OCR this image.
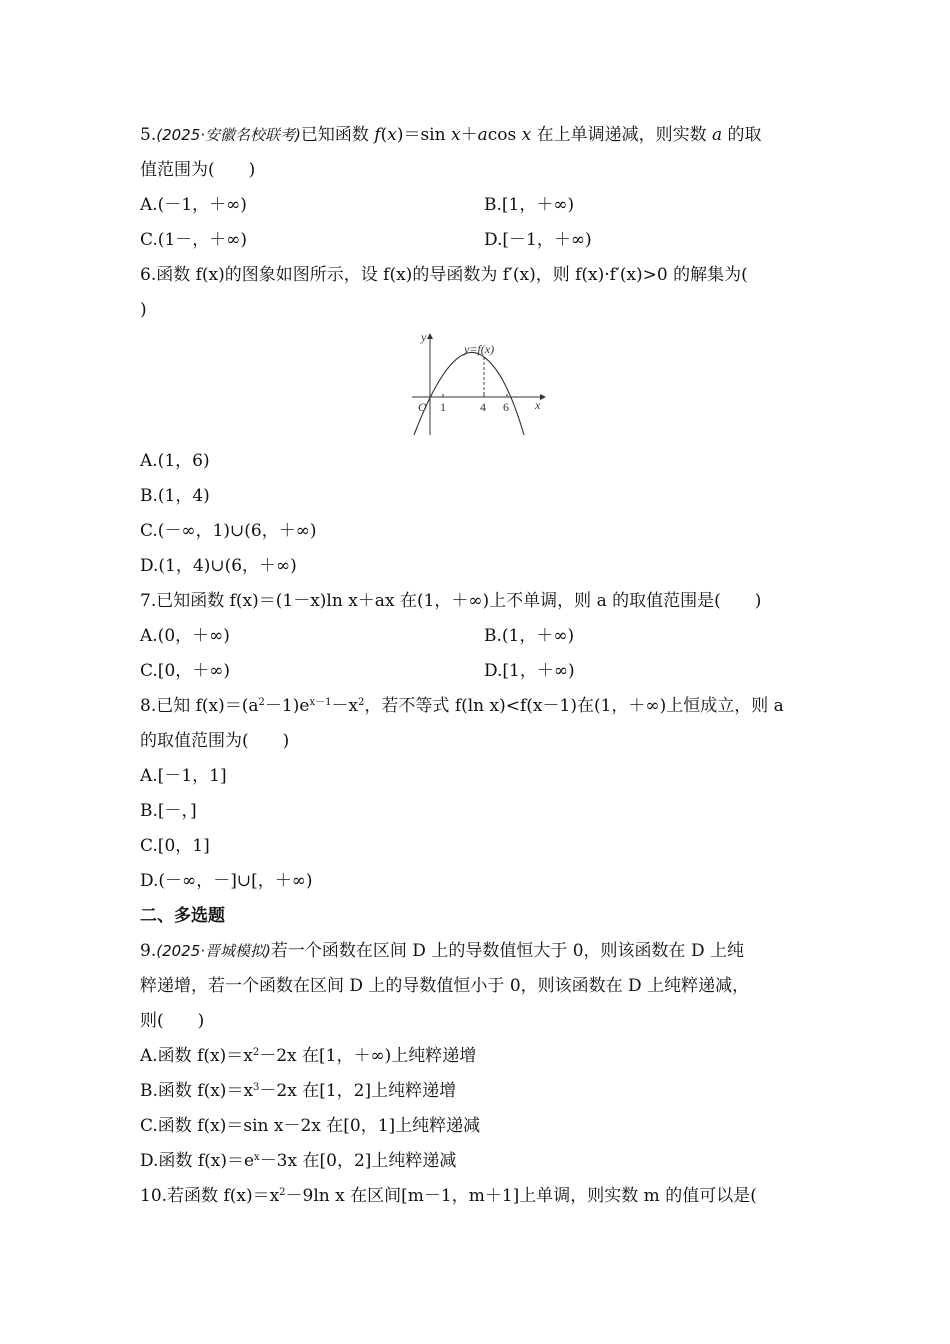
5.(2025·安徽名校联考)已知函数 f(x)＝sin x＋acos x 在上单调递减，则实数 a 的取
值范围为(　　)
A.(－1，＋∞)	B.[1，＋∞)
C.(1－，＋∞)	D.[－1，＋∞)
6.函数 f(x)的图象如图所示，设 f(x)的导函数为 f′(x)，则 f(x)·f′(x)>0 的解集为(
)
y
x
O 1	4 6
y=f(x)
A.(1，6)
B.(1，4)
C.(－∞，1)∪(6，＋∞)
D.(1，4)∪(6，＋∞)
7.已知函数 f(x)＝(1－x)ln x＋ax 在(1，＋∞)上不单调，则 a 的取值范围是(　　)
A.(0，＋∞)	B.(1，＋∞)
C.[0，＋∞)	D.[1，＋∞)
8.已知 $f(x)=(a^2-1)e^{x-1}-x^2$，若不等式 f(ln x)<f(x－1)在(1，＋∞)上恒成立，则 a
的取值范围为(　　)
A.[－1，1]
B.[－，]
C.[0，1]
D.(－∞，－]∪[，＋∞)
二、多选题
9.(2025·晋城模拟)若一个函数在区间 D 上的导数值恒大于 0，则该函数在 D 上纯
粹递增，若一个函数在区间 D 上的导数值恒小于 0，则该函数在 D 上纯粹递减，
则(　　)
A.函数 $f(x)=x^2-2x$ 在[1，＋∞)上纯粹递增
B.函数 $f(x)=x^3-2x$ 在[1，2]上纯粹递增
C.函数 f(x)＝sin x－2x 在[0，1]上纯粹递减
D.函数 $f(x)=e^x-3x$ 在[0，2]上纯粹递减
10.若函数 $f(x)=x^2-9\ln$ x 在区间[m－1，m＋1]上单调，则实数 m 的值可以是(
